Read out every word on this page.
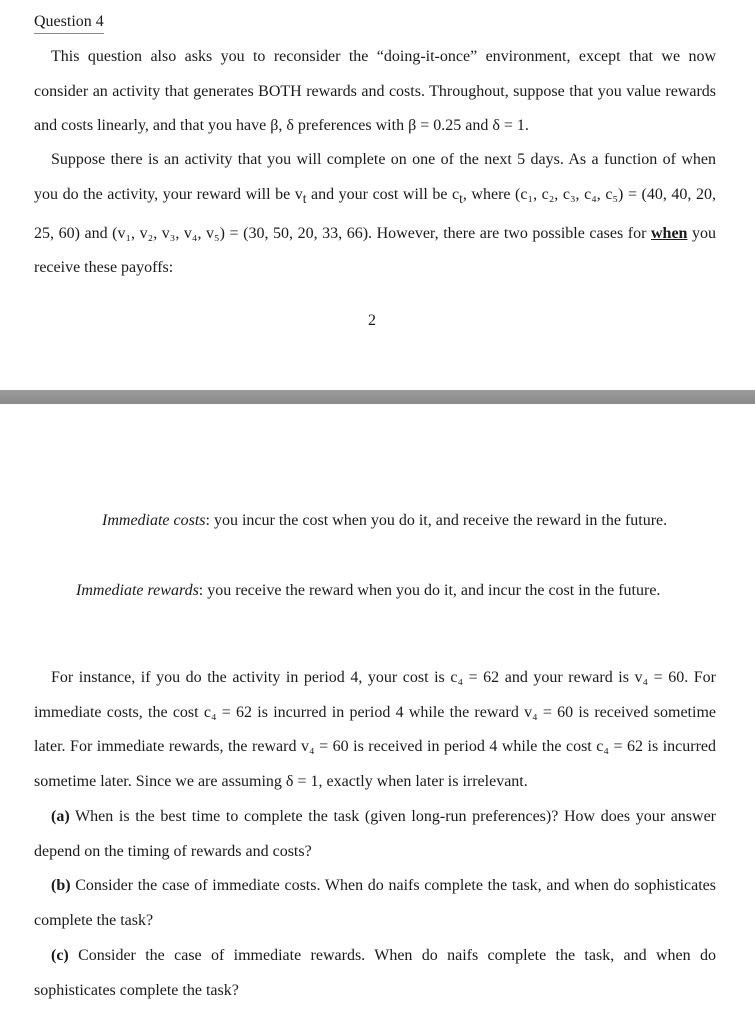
Question 4

This question also asks you to reconsider the “doing-it-once” environment, except that we now consider an activity that generates BOTH rewards and costs. Throughout, suppose that you value rewards and costs linearly, and that you have β, δ preferences with β = 0.25 and δ = 1.

Suppose there is an activity that you will complete on one of the next 5 days. As a function of when you do the activity, your reward will be $v_t$ and your cost will be $c_t$, where (c₁, c₂, c₃, c₄, c₅) = (40, 40, 20, 25, 60) and (v₁, v₂, v₃, v₄, v₅) = (30, 50, 20, 33, 66). However, there are two possible cases for when you receive these payoffs:

2

Immediate costs: you incur the cost when you do it, and receive the reward in the future.

Immediate rewards: you receive the reward when you do it, and incur the cost in the future.

For instance, if you do the activity in period 4, your cost is c₄ = 62 and your reward is v₄ = 60. For immediate costs, the cost c₄ = 62 is incurred in period 4 while the reward v₄ = 60 is received sometime later. For immediate rewards, the reward v₄ = 60 is received in period 4 while the cost c₄ = 62 is incurred sometime later. Since we are assuming δ = 1, exactly when later is irrelevant.

(a) When is the best time to complete the task (given long-run preferences)? How does your answer depend on the timing of rewards and costs?

(b) Consider the case of immediate costs. When do naifs complete the task, and when do sophisticates complete the task?

(c) Consider the case of immediate rewards. When do naifs complete the task, and when do sophisticates complete the task?
